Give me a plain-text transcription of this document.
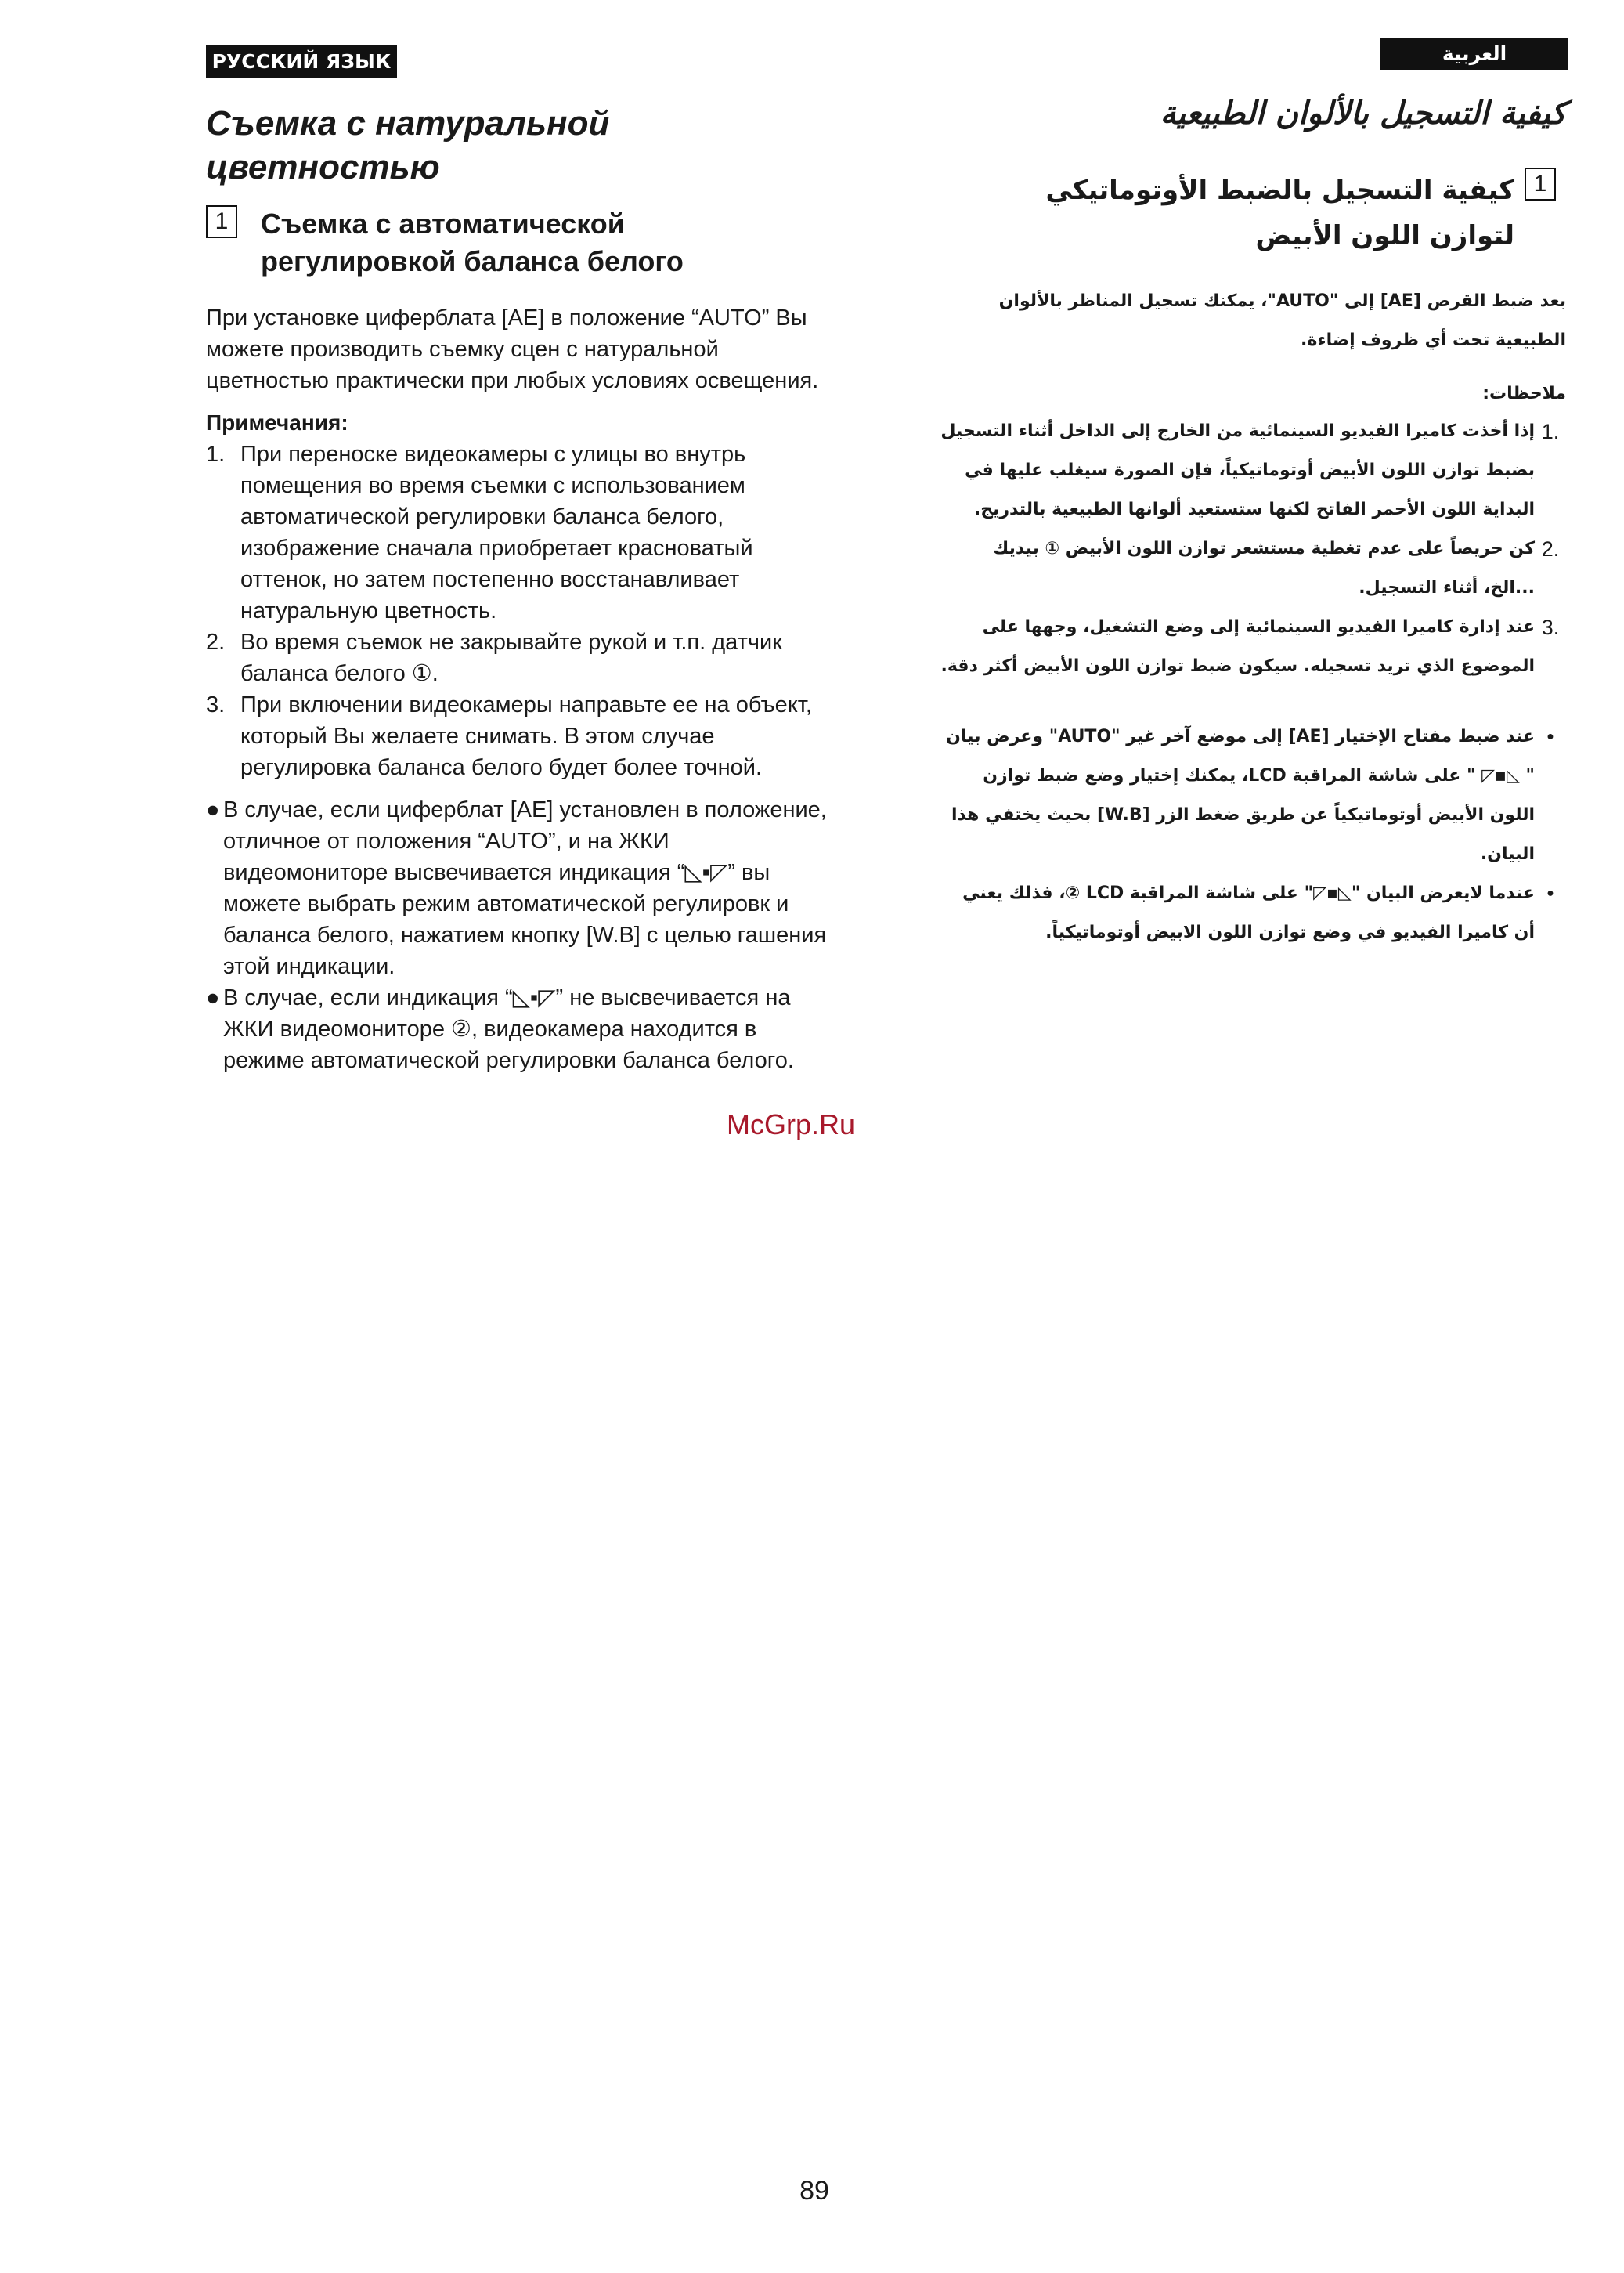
РУССКИЙ ЯЗЫК	العربية
Съемка с натуральной
цветностью
1	Съемка с автоматической
регулировкой баланса белого

При установке циферблата [AE] в положение “AUTO” Вы можете производить съемку сцен с натуральной цветностью практически при любых условиях освещения.

Примечания:
1. При переноске видеокамеры с улицы во внутрь помещения во время съемки с использованием автоматической регулировки баланса белого, изображение сначала приобретает красноватый оттенок, но затем постепенно восстанавливает натуральную цветность.
2. Во время съемок не закрывайте рукой и т.п. датчик баланса белого ①.
3. При включении видеокамеры направьте ее на объект, который Вы желаете снимать. В этом случае регулировка баланса белого будет более точной.
● В случае, если циферблат [AE] установлен в положение, отличное от положения “AUTO”, и на ЖКИ видеомониторе высвечивается индикация “◺▪◸” вы можете выбрать режим автоматической регулировк и баланса белого, нажатием кнопку [W.B] с целью гашения этой индикации.
● В случае, если индикация “◺▪◸” не высвечивается на ЖКИ видеомониторе ②, видеокамера находится в режиме автоматической регулировки баланса белого.
كيفية التسجيل بالألوان الطبيعية
1
كيفية التسجيل بالضبط الأوتوماتيكي لتوازن اللون الأبيض

بعد ضبط القرص [AE] إلى "AUTO"، يمكنك تسجيل المناظر بالألوان الطبيعية تحت أي ظروف إضاءة.

ملاحظات:
1.
إذا أخذت كاميرا الفيديو السينمائية من الخارج إلى الداخل أثناء التسجيل بضبط توازن اللون الأبيض أوتوماتيكياً، فإن الصورة سيغلب عليها في البداية اللون الأحمر الفاتح لكنها ستستعيد ألوانها الطبيعية بالتدريج.
2.
كن حريصاً على عدم تغطية مستشعر توازن اللون الأبيض ① بيديك ...الخ، أثناء التسجيل.
3.
عند إدارة كاميرا الفيديو السينمائية إلى وضع التشغيل، وجهها على الموضوع الذي تريد تسجيله. سيكون ضبط توازن اللون الأبيض أكثر دقة.
●
عند ضبط مفتاح الإختيار [AE] إلى موضع آخر غير "AUTO" وعرض بيان " ◺▪◸ " على شاشة المراقبة LCD، يمكنك إختيار وضع ضبط توازن اللون الأبيض أوتوماتيكياً عن طريق ضغط الزر [W.B] بحيث يختفي هذا البيان.
●
عندما لايعرض البيان "◺▪◸" على شاشة المراقبة LCD ②، فذلك يعني أن كاميرا الفيديو في وضع توازن اللون الابيض أوتوماتيكياً.
McGrp.Ru
89
